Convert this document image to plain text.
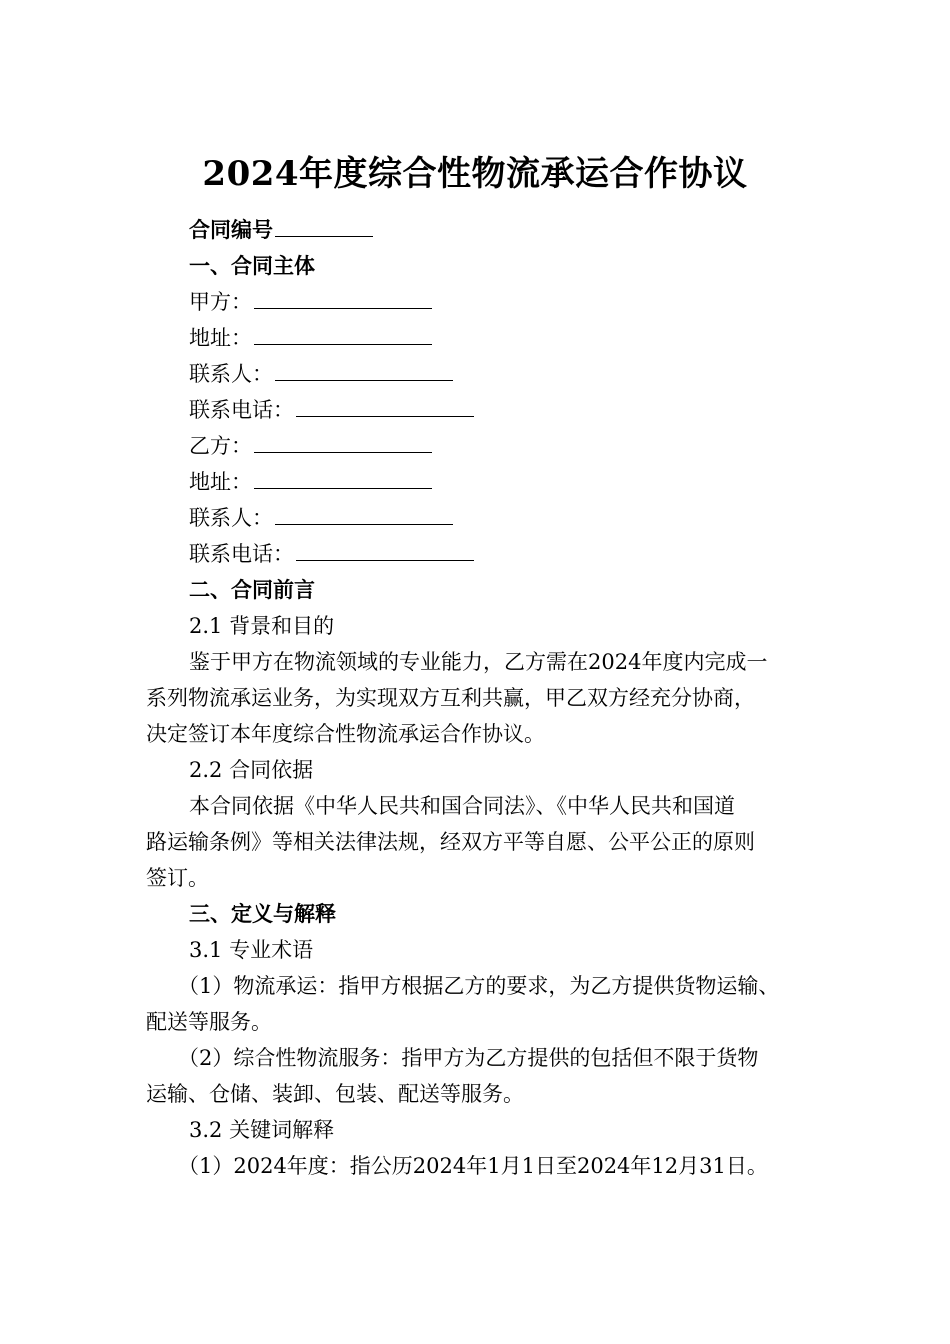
2024年度综合性物流承运合作协议
合同编号
一、合同主体
甲方：
地址：
联系人：
联系电话：
乙方：
地址：
联系人：
联系电话：
二、合同前言
2.1 背景和目的
鉴于甲方在物流领域的专业能力，乙方需在2024年度内完成一
系列物流承运业务，为实现双方互利共赢，甲乙双方经充分协商，
决定签订本年度综合性物流承运合作协议。
2.2 合同依据
本合同依据《中华人民共和国合同法》、《中华人民共和国道
路运输条例》等相关法律法规，经双方平等自愿、公平公正的原则
签订。
三、定义与解释
3.1 专业术语
（1）物流承运：指甲方根据乙方的要求，为乙方提供货物运输、
配送等服务。
（2）综合性物流服务：指甲方为乙方提供的包括但不限于货物
运输、仓储、装卸、包装、配送等服务。
3.2 关键词解释
（1）2024年度：指公历2024年1月1日至2024年12月31日。
